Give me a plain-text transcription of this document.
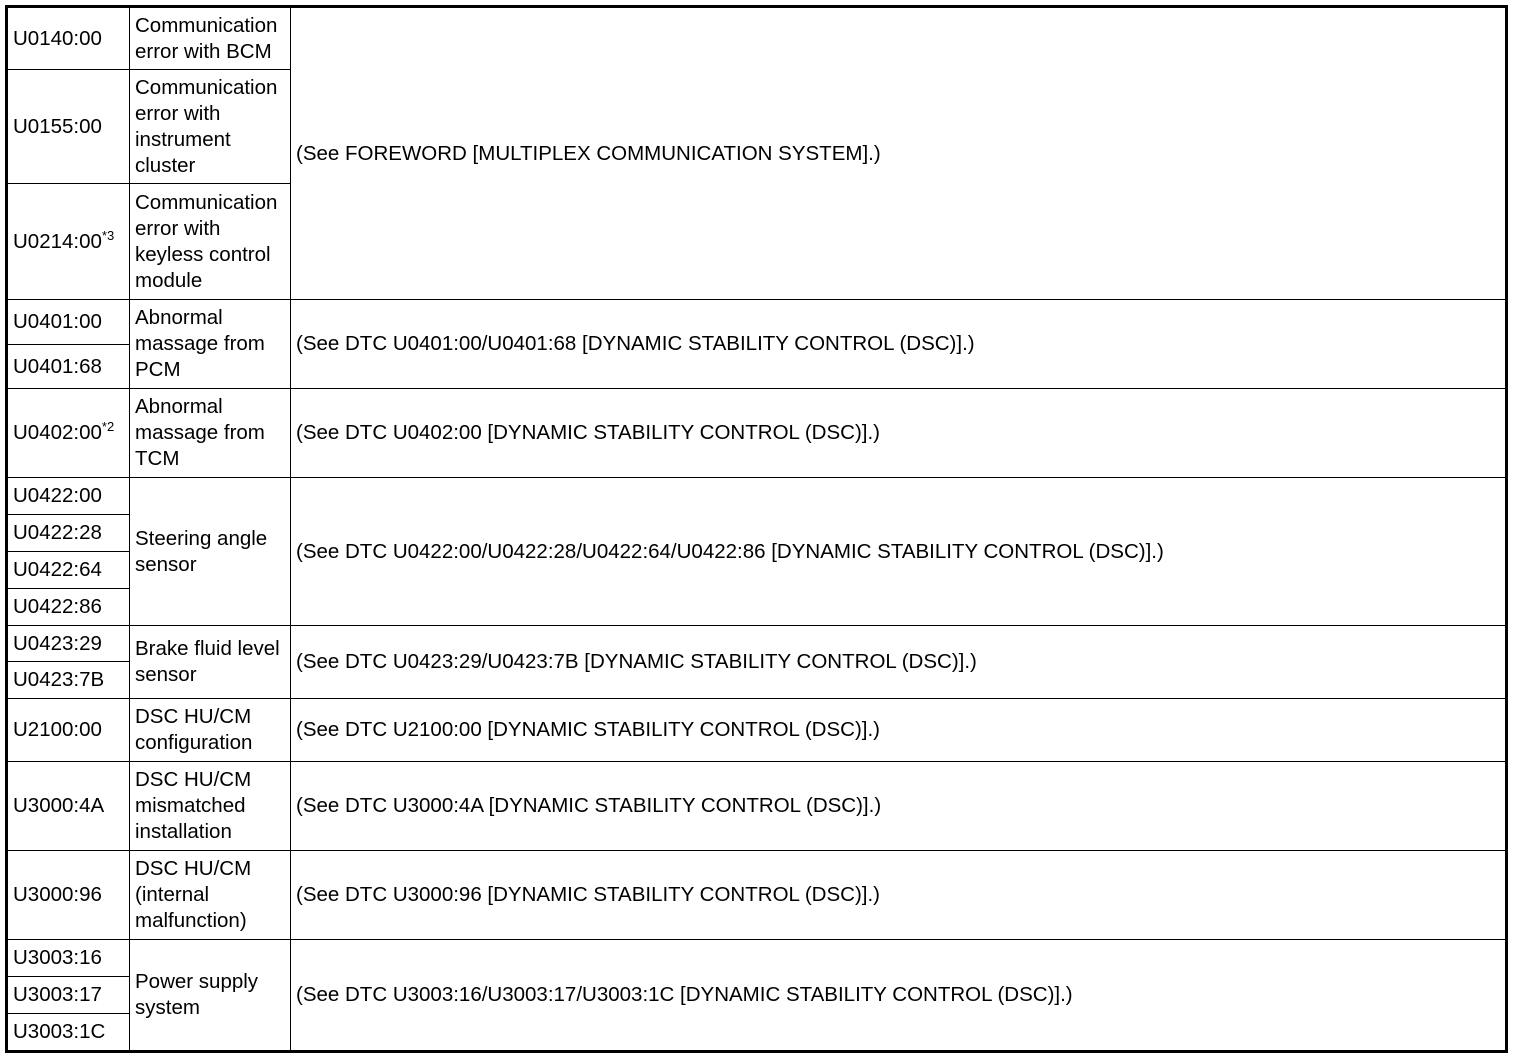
U0140:00	Communication error with BCM	(See FOREWORD [MULTIPLEX COMMUNICATION SYSTEM].)
U0155:00	Communication error with instrument cluster	
U0214:00$^{*3}$	Communication error with keyless control module	
U0401:00	Abnormal massage from PCM	(See DTC U0401:00/U0401:68 [DYNAMIC STABILITY CONTROL (DSC)].)
U0401:68		
U0402:00$^{*2}$	Abnormal massage from TCM	(See DTC U0402:00 [DYNAMIC STABILITY CONTROL (DSC)].)
U0422:00	Steering angle sensor	(See DTC U0422:00/U0422:28/U0422:64/U0422:86 [DYNAMIC STABILITY CONTROL (DSC)].)
U0422:28		
U0422:64		
U0422:86		
U0423:29	Brake fluid level sensor	(See DTC U0423:29/U0423:7B [DYNAMIC STABILITY CONTROL (DSC)].)
U0423:7B		
U2100:00	DSC HU/CM configuration	(See DTC U2100:00 [DYNAMIC STABILITY CONTROL (DSC)].)
U3000:4A	DSC HU/CM mismatched installation	(See DTC U3000:4A [DYNAMIC STABILITY CONTROL (DSC)].)
U3000:96	DSC HU/CM (internal malfunction)	(See DTC U3000:96 [DYNAMIC STABILITY CONTROL (DSC)].)
U3003:16	Power supply system	(See DTC U3003:16/U3003:17/U3003:1C [DYNAMIC STABILITY CONTROL (DSC)].)
U3003:17		
U3003:1C		
